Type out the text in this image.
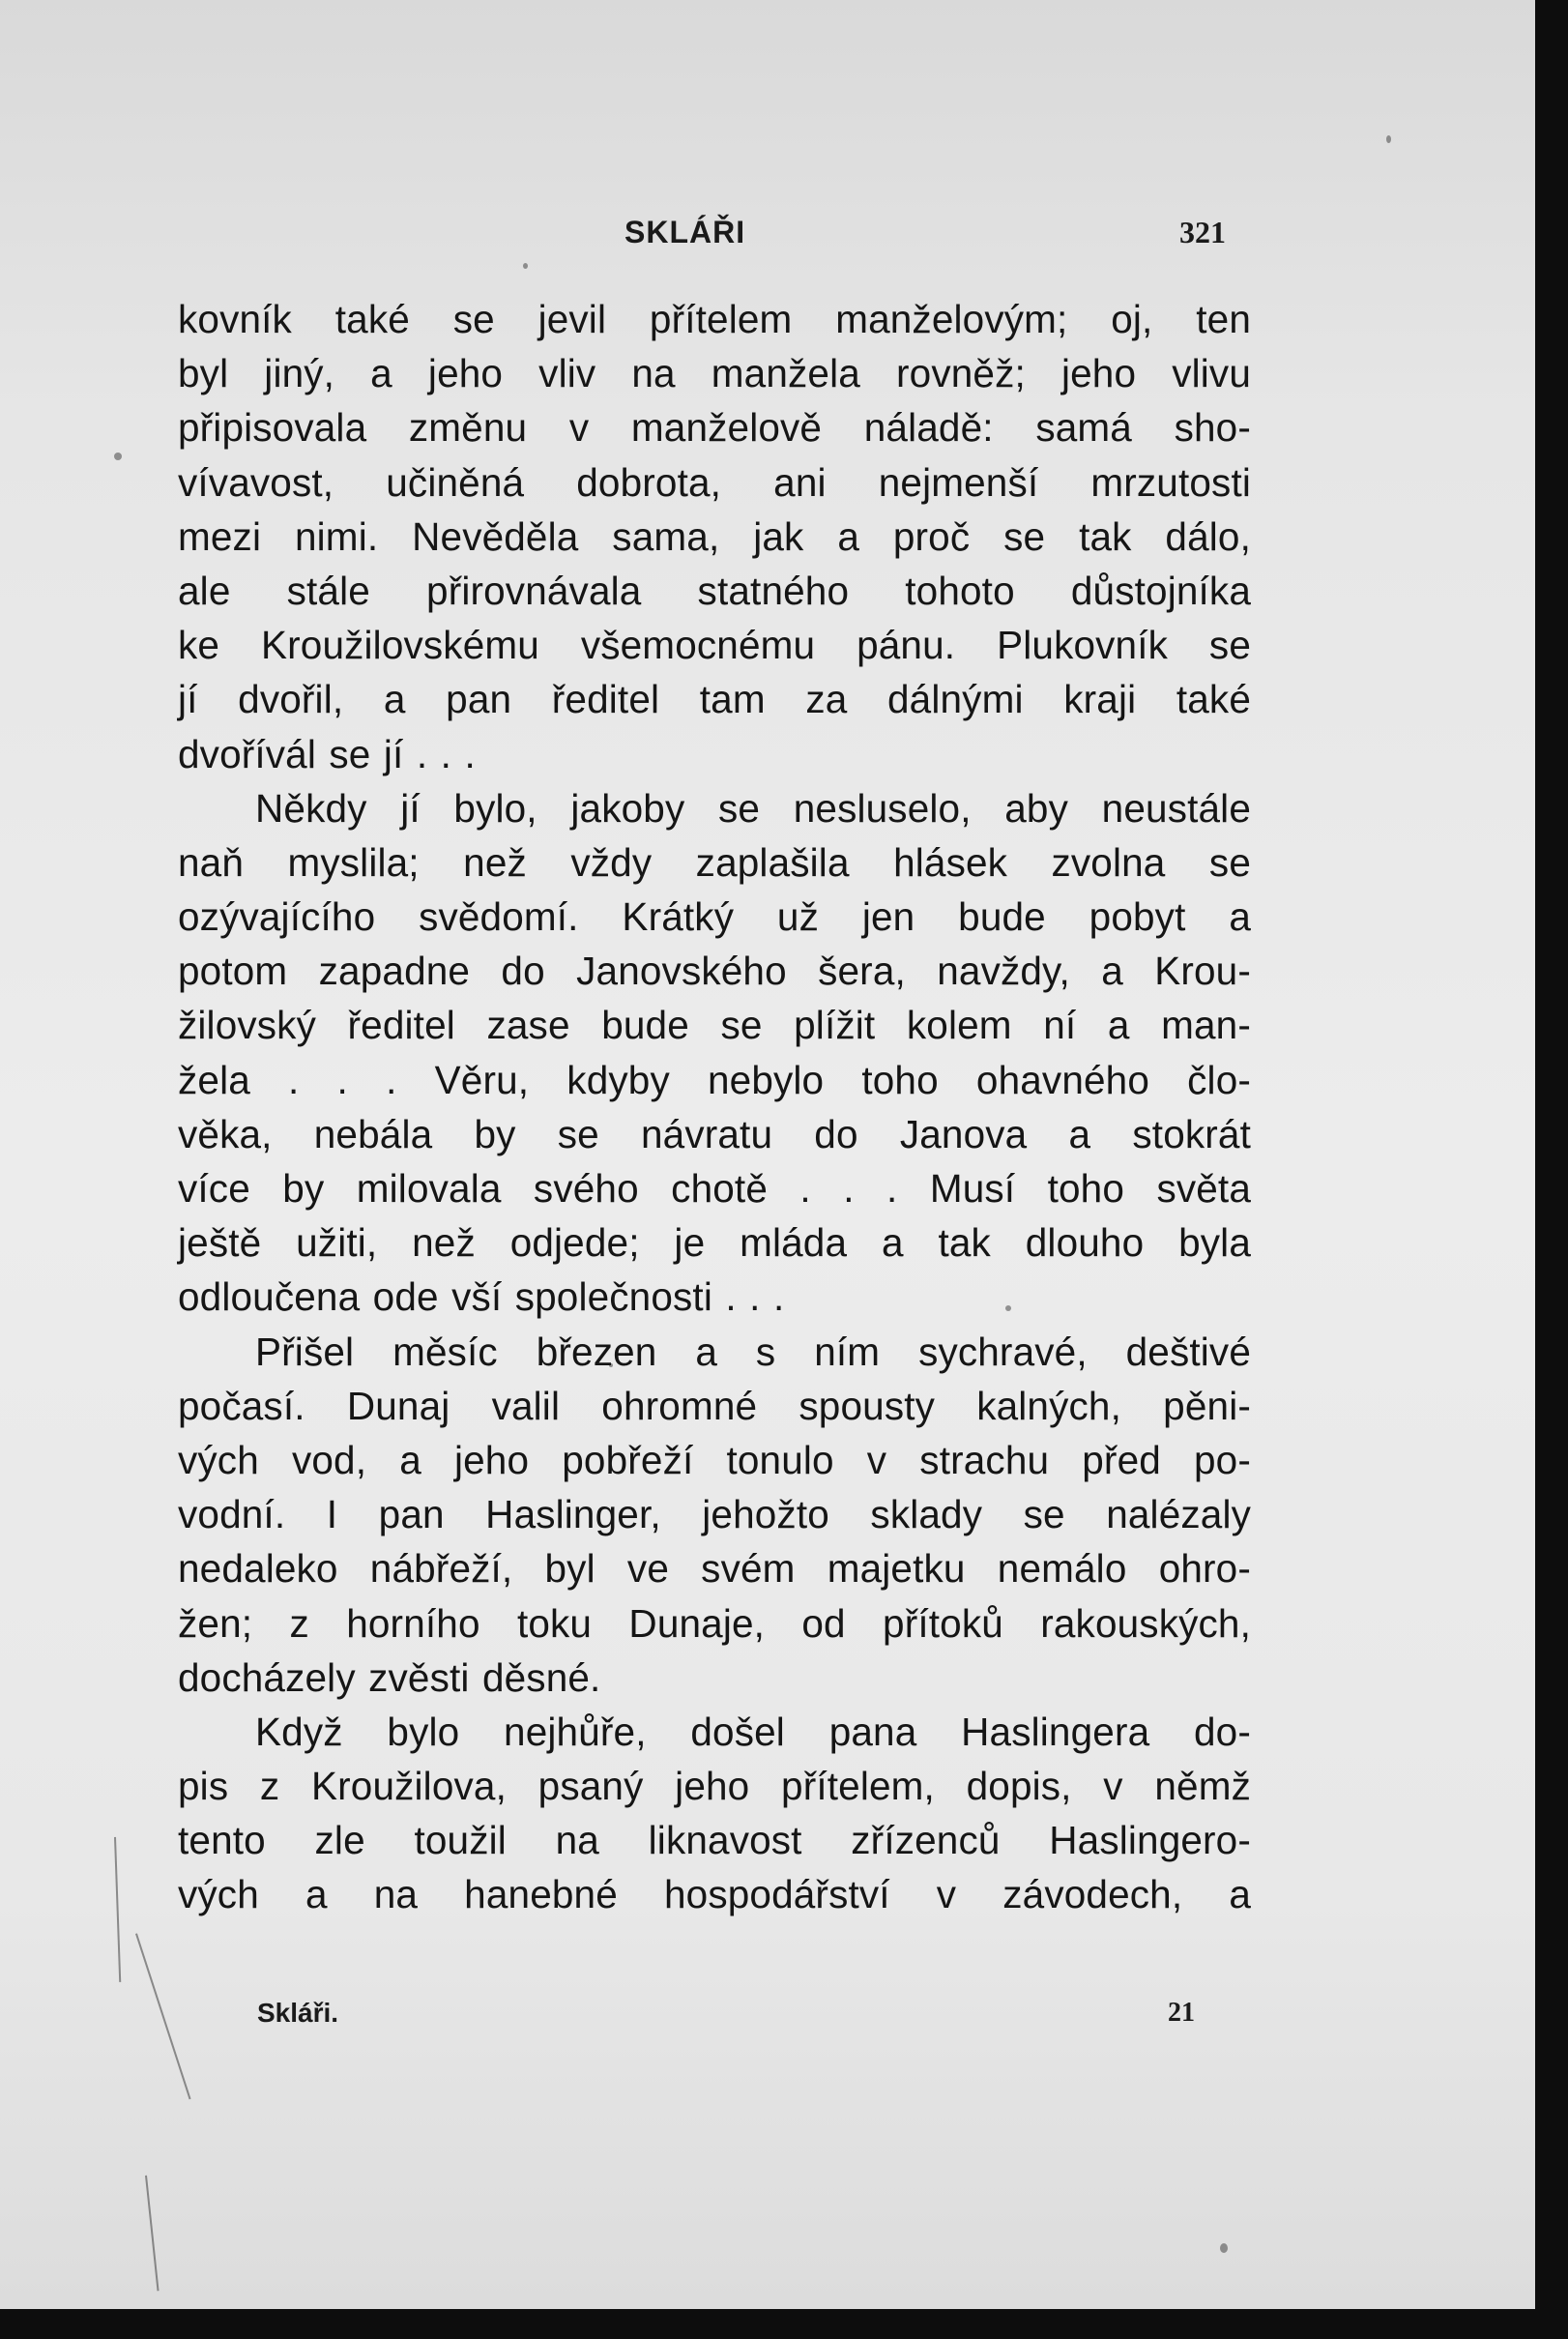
SKLÁŘI	321
kovník také se jevil přítelem manželovým; oj, ten
byl jiný, a jeho vliv na manžela rovněž; jeho vlivu
připisovala změnu v manželově náladě: samá sho-
vívavost, učiněná dobrota, ani nejmenší mrzutosti
mezi nimi. Nevěděla sama, jak a proč se tak dálo,
ale stále přirovnávala statného tohoto důstojníka
ke Kroužilovskému všemocnému pánu. Plukovník se
jí dvořil, a pan ředitel tam za dálnými kraji také
dvořívál se jí . . .
Někdy jí bylo, jakoby se nesluselo, aby neustále
naň myslila; než vždy zaplašila hlásek zvolna se
ozývajícího svědomí. Krátký už jen bude pobyt a
potom zapadne do Janovského šera, navždy, a Krou-
žilovský ředitel zase bude se plížit kolem ní a man-
žela . . . Věru, kdyby nebylo toho ohavného člo-
věka, nebála by se návratu do Janova a stokrát
více by milovala svého chotě . . . Musí toho světa
ještě užiti, než odjede; je mláda a tak dlouho byla
odloučena ode vší společnosti . . .
Přišel měsíc březen a s ním sychravé, deštivé
počasí. Dunaj valil ohromné spousty kalných, pěni-
vých vod, a jeho pobřeží tonulo v strachu před po-
vodní. I pan Haslinger, jehožto sklady se nalézaly
nedaleko nábřeží, byl ve svém majetku nemálo ohro-
žen; z horního toku Dunaje, od přítoků rakouských,
docházely zvěsti děsné.
Když bylo nejhůře, došel pana Haslingera do-
pis z Kroužilova, psaný jeho přítelem, dopis, v němž
tento zle toužil na liknavost zřízenců Haslingero-
vých a na hanebné hospodářství v závodech, a
Skláři.	21
